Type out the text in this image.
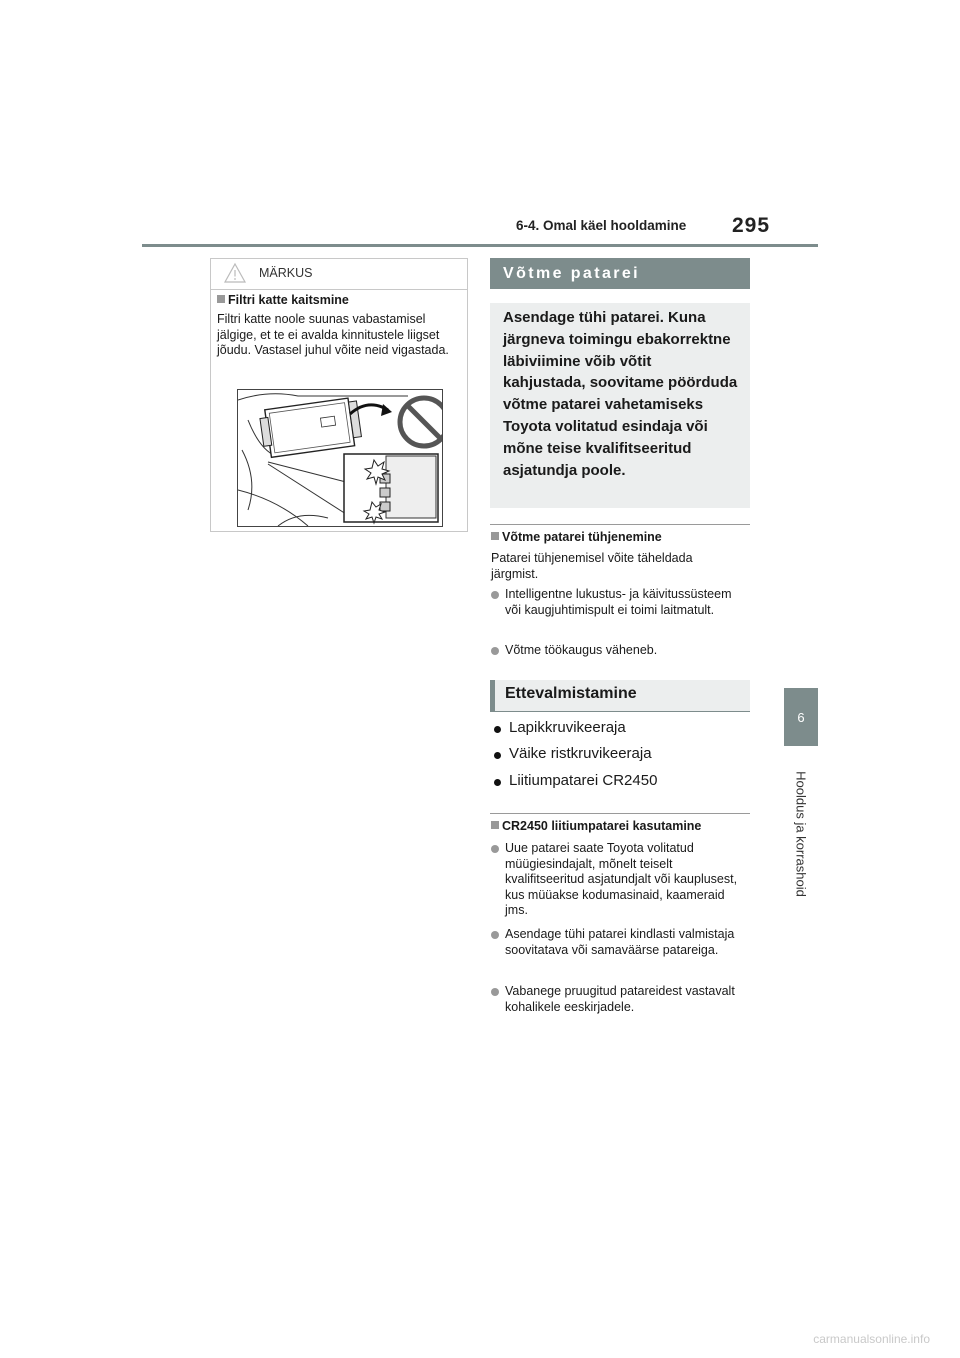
6-4. Omal käel hooldamine 295
6
Hooldus ja korrashoid
MÄRKUS
Filtri katte kaitsmine
Filtri katte noole suunas vabastamisel jälgige, et te ei avalda kinnitustele liigset jõudu. Vastasel juhul võite neid vigastada.
Võtme patarei
Asendage tühi patarei. Kuna järgneva toimingu ebakorrektne läbiviimine võib võtit kahjustada, soovitame pöörduda võtme patarei vahetamiseks Toyota volitatud esindaja või mõne teise kvalifitseeritud asjatundja poole.
Võtme patarei tühjenemine
Patarei tühjenemisel võite täheldada järgmist.
Intelligentne lukustus- ja käivitussüsteem või kaugjuhtimispult ei toimi laitmatult.
Võtme töökaugus väheneb.
Ettevalmistamine
Lapikkruvikeeraja
Väike ristkruvikeeraja
Liitiumpatarei CR2450
CR2450 liitiumpatarei kasutamine
Uue patarei saate Toyota volitatud müügiesindajalt, mõnelt teiselt kvalifitseeritud asjatundjalt või kauplusest, kus müüakse kodumasinaid, kaameraid jms.
Asendage tühi patarei kindlasti valmistaja soovitatava või samaväärse patareiga.
Vabanege pruugitud patareidest vastavalt kohalikele eeskirjadele.
carmanualsonline.info
